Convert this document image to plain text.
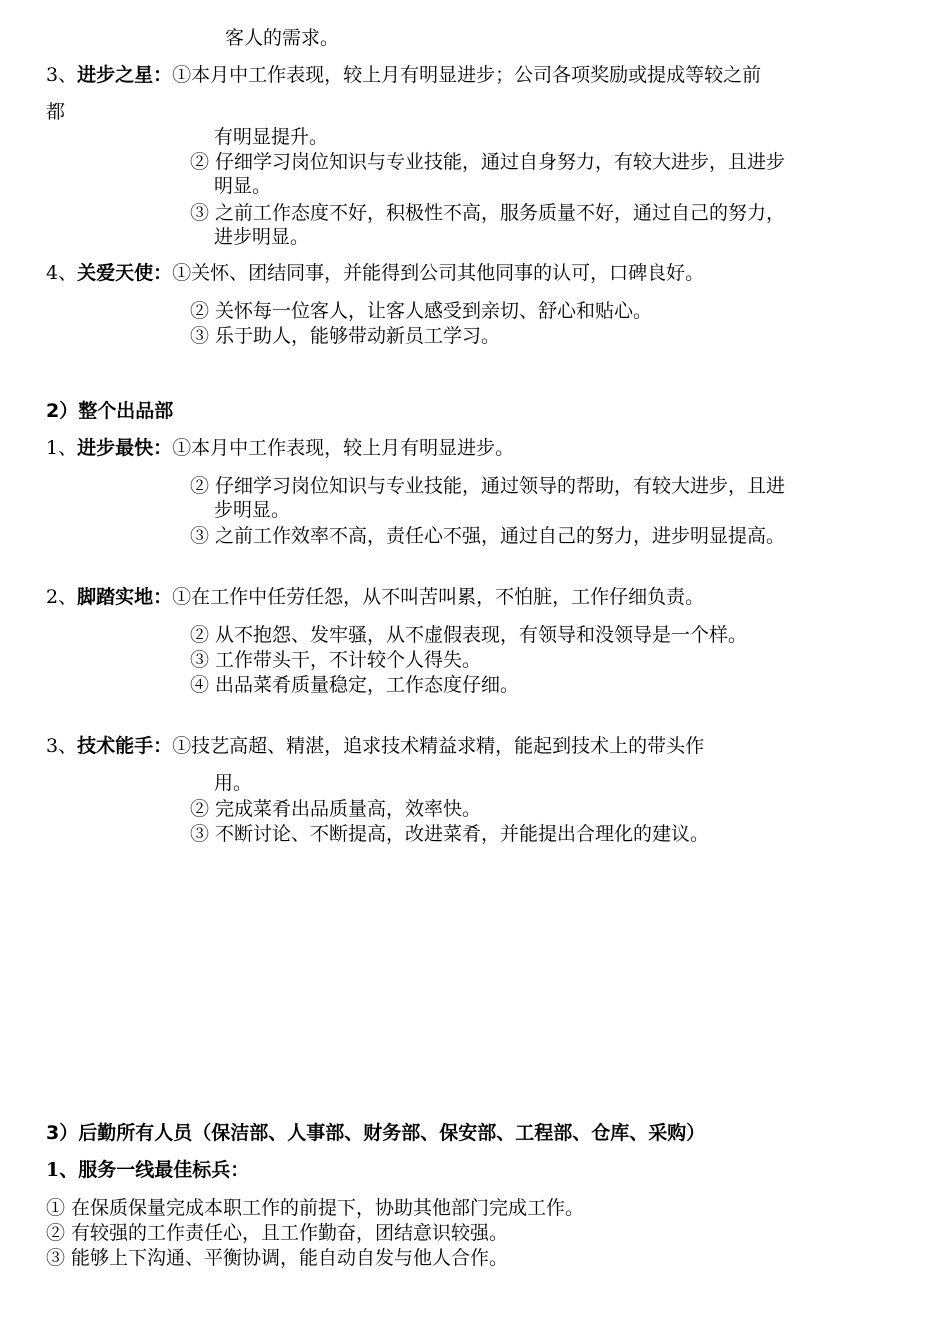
客人的需求。
3、进步之星：①本月中工作表现，较上月有明显进步；公司各项奖励或提成等较之前
都
有明显提升。
② 仔细学习岗位知识与专业技能，通过自身努力，有较大进步，且进步
明显。
③ 之前工作态度不好，积极性不高，服务质量不好，通过自己的努力，
进步明显。
4、关爱天使：①关怀、团结同事，并能得到公司其他同事的认可，口碑良好。
② 关怀每一位客人，让客人感受到亲切、舒心和贴心。
③ 乐于助人，能够带动新员工学习。
2）整个出品部
1、进步最快：①本月中工作表现，较上月有明显进步。
② 仔细学习岗位知识与专业技能，通过领导的帮助，有较大进步，且进
步明显。
③ 之前工作效率不高，责任心不强，通过自己的努力，进步明显提高。
2、脚踏实地：①在工作中任劳任怨，从不叫苦叫累，不怕脏，工作仔细负责。
② 从不抱怨、发牢骚，从不虚假表现，有领导和没领导是一个样。
③ 工作带头干，不计较个人得失。
④ 出品菜肴质量稳定，工作态度仔细。
3、技术能手：①技艺高超、精湛，追求技术精益求精，能起到技术上的带头作
用。
② 完成菜肴出品质量高，效率快。
③ 不断讨论、不断提高，改进菜肴，并能提出合理化的建议。
3）后勤所有人员（保洁部、人事部、财务部、保安部、工程部、仓库、采购）
1、服务一线最佳标兵：
① 在保质保量完成本职工作的前提下，协助其他部门完成工作。
② 有较强的工作责任心，且工作勤奋，团结意识较强。
③ 能够上下沟通、平衡协调，能自动自发与他人合作。
